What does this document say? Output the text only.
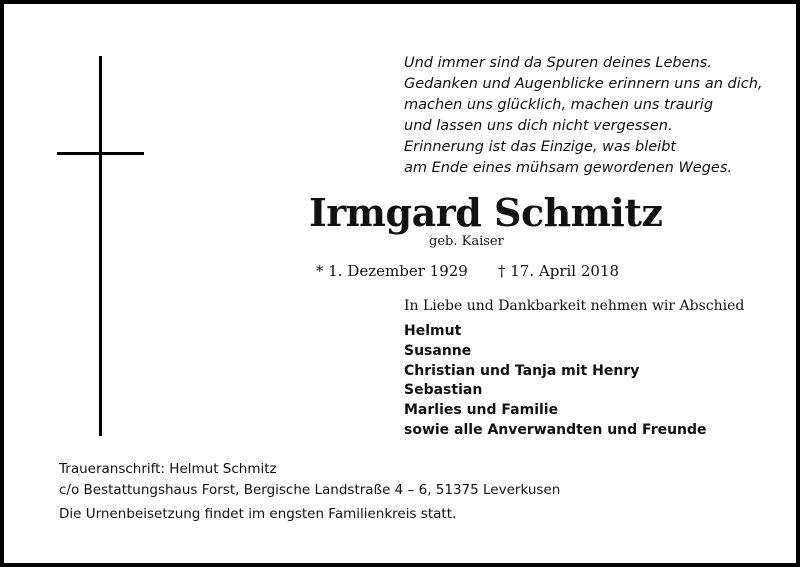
Und immer sind da Spuren deines Lebens.
Gedanken und Augenblicke erinnern uns an dich,
machen uns glücklich, machen uns traurig
und lassen uns dich nicht vergessen.
Erinnerung ist das Einzige, was bleibt
am Ende eines mühsam gewordenen Weges.
Irmgard Schmitz
geb. Kaiser
* 1. Dezember 1929 † 17. April 2018
In Liebe und Dankbarkeit nehmen wir Abschied
Helmut
Susanne
Christian und Tanja mit Henry
Sebastian
Marlies und Familie
sowie alle Anverwandten und Freunde
Traueranschrift: Helmut Schmitz
c/o Bestattungshaus Forst, Bergische Landstraße 4 – 6, 51375 Leverkusen
Die Urnenbeisetzung findet im engsten Familienkreis statt.
